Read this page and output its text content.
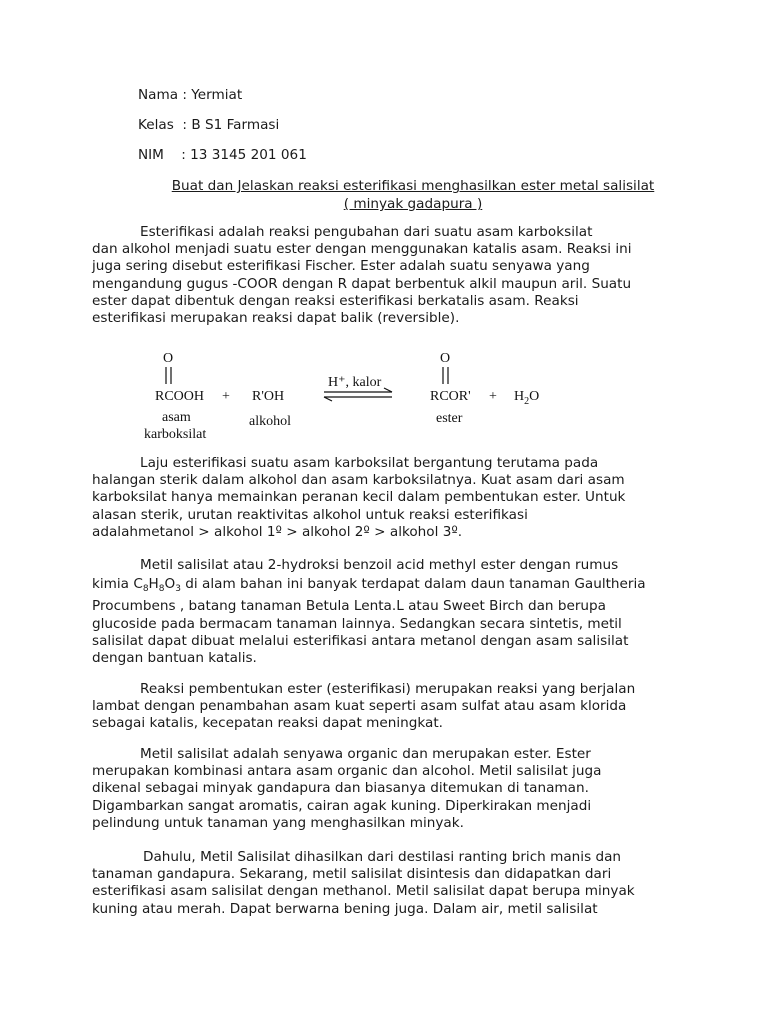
Nama : Yermiat
Kelas  : B S1 Farmasi
NIM    : 13 3145 201 061
Buat dan Jelaskan reaksi esterifikasi menghasilkan ester metal salisilat
( minyak gadapura )
Esterifikasi adalah reaksi pengubahan dari suatu asam karboksilat
dan alkohol menjadi suatu ester dengan menggunakan katalis asam. Reaksi ini
juga sering disebut esterifikasi Fischer. Ester adalah suatu senyawa yang
mengandung gugus -COOR dengan R dapat berbentuk alkil maupun aril. Suatu
ester dapat dibentuk dengan reaksi esterifikasi berkatalis asam. Reaksi
esterifikasi merupakan reaksi dapat balik (reversible).
O
RCOOH + R'OH
H⁺, kalor
O
RCOR' + $H_2O$
asam
karboksilat
alkohol	ester
Laju esterifikasi suatu asam karboksilat bergantung terutama pada
halangan sterik dalam alkohol dan asam karboksilatnya. Kuat asam dari asam
karboksilat hanya memainkan peranan kecil dalam pembentukan ester. Untuk
alasan sterik, urutan reaktivitas alkohol untuk reaksi esterifikasi
adalahmetanol > alkohol 1º > alkohol 2º > alkohol 3º.
Metil salisilat atau 2-hydroksi benzoil acid methyl ester dengan rumus
kimia $C_8H_8O_3$ di alam bahan ini banyak terdapat dalam daun tanaman Gaultheria
Procumbens , batang tanaman Betula Lenta.L atau Sweet Birch dan berupa
glucoside pada bermacam tanaman lainnya. Sedangkan secara sintetis, metil
salisilat dapat dibuat melalui esterifikasi antara metanol dengan asam salisilat
dengan bantuan katalis.
Reaksi pembentukan ester (esterifikasi) merupakan reaksi yang berjalan
lambat dengan penambahan asam kuat seperti asam sulfat atau asam klorida
sebagai katalis, kecepatan reaksi dapat meningkat.
Metil salisilat adalah senyawa organic dan merupakan ester. Ester
merupakan kombinasi antara asam organic dan alcohol. Metil salisilat juga
dikenal sebagai minyak gandapura dan biasanya ditemukan di tanaman.
Digambarkan sangat aromatis, cairan agak kuning. Diperkirakan menjadi
pelindung untuk tanaman yang menghasilkan minyak.
Dahulu, Metil Salisilat dihasilkan dari destilasi ranting brich manis dan
tanaman gandapura. Sekarang, metil salisilat disintesis dan didapatkan dari
esterifikasi asam salisilat dengan methanol. Metil salisilat dapat berupa minyak
kuning atau merah. Dapat berwarna bening juga. Dalam air, metil salisilat
